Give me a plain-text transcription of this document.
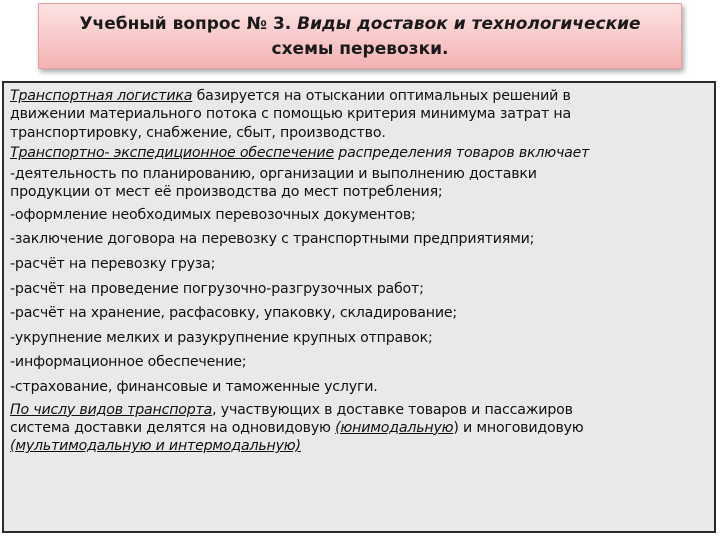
Учебный вопрос № 3. Виды доставок и технологические
схемы перевозки.

Транспортная логистика базируется на отыскании оптимальных решений в
движении материального потока с помощью критерия минимума затрат на
транспортировку, снабжение, сбыт, производство.

Транспортно- экспедиционное обеспечение распределения товаров включает

-деятельность по планированию, организации и выполнению доставки
продукции от мест её производства до мест потребления;
-оформление необходимых перевозочных документов;
-заключение договора на перевозку с транспортными предприятиями;
-расчёт на перевозку груза;
-расчёт на проведение погрузочно-разгрузочных работ;
-расчёт на хранение, расфасовку, упаковку, складирование;
-укрупнение мелких и разукрупнение крупных отправок;
-информационное обеспечение;
-страхование, финансовые и таможенные услуги.

По числу видов транспорта, участвующих в доставке товаров и пассажиров
система доставки делятся на одновидовую (юнимодальную) и многовидовую
(мультимодальную и интермодальную)
